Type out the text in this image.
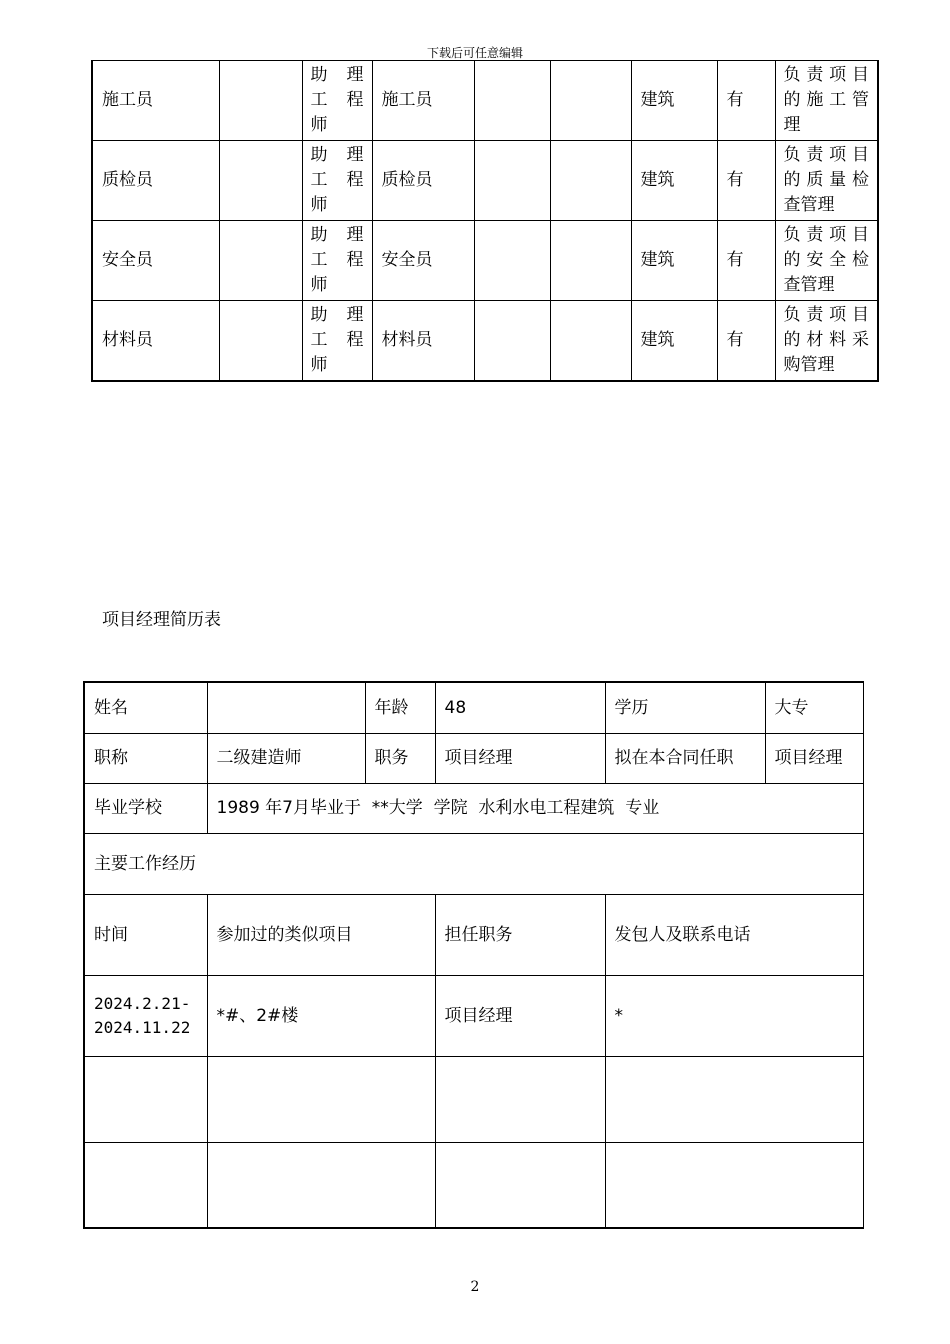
下载后可任意编辑
施工员		助 理
工 程
师	施工员			建筑	有	负责项目
的施工管
理

质检员		助 理
工 程
师	质检员			建筑	有	负责项目
的质量检
查管理

安全员		助 理
工 程
师	安全员			建筑	有	负责项目
的安全检
查管理

材料员		助 理
工 程
师	材料员			建筑	有	负责项目
的材料采
购管理
项目经理简历表
姓名		年龄	48	学历	大专
职称	二级建造师	职务	项目经理	拟在本合同任职	项目经理
毕业学校	1989 年7月毕业于  **大学  学院  水利水电工程建筑  专业				
主要工作经历					
时间	参加过的类似项目		担任职务	发包人及联系电话	
2024.2.21-
2024.11.22	*#、2#楼		项目经理	*	

2
